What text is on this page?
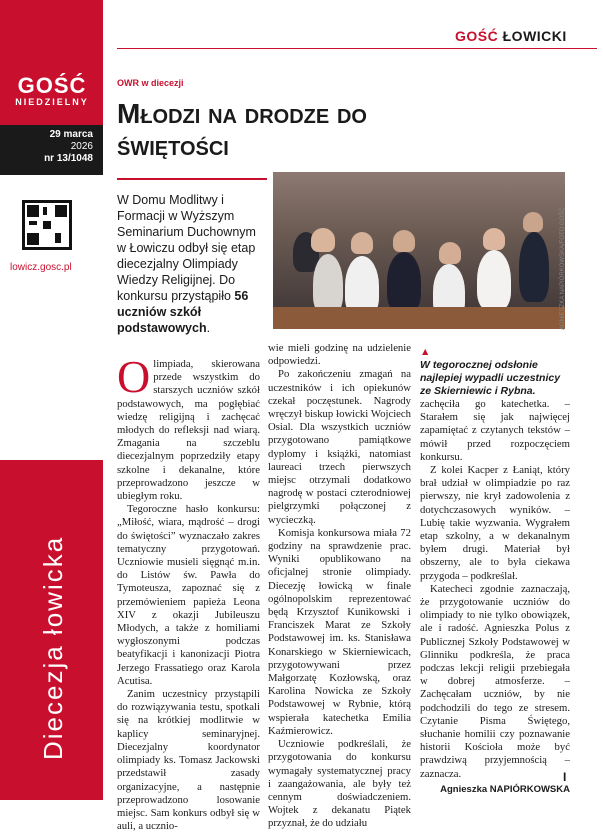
GOŚĆ
NIEDZIELNY
29 marca
2026
nr 13/1048
lowicz.gosc.pl
Diecezja łowicka
GOŚĆ ŁOWICKI
OWR w diecezji
Młodzi na drodze do świętości
W Domu Modlitwy i Formacji w Wyższym Seminarium Duchownym w Łowiczu odbył się etap diecezjalny Olimpiady Wiedzy Religijnej. Do konkursu przystąpiło 56 uczniów szkół podstawowych.	AGNIESZKA NAPIÓRKOWSKA/FOTO GOŚĆ
▲
W tegorocznej odsłonie najlepiej wypadli uczestnicy ze Skierniewic i Rybna.

Olimpiada, skierowana przede wszystkim do starszych uczniów szkół podstawowych, ma pogłębiać wiedzę religijną i zachęcać młodych do refleksji nad wiarą. Zmagania na szczeblu diecezjalnym poprzedziły etapy szkolne i dekanalne, które przeprowadzono jeszcze w ubiegłym roku.

Tegoroczne hasło konkursu: „Miłość, wiara, mądrość – drogi do świętości” wyznaczało zakres tematyczny przygotowań. Uczniowie musieli sięgnąć m.in. do Listów św. Pawła do Tymoteusza, zapoznać się z przemówieniem papieża Leona XIV z okazji Jubileuszu Młodych, a także z homiliami wygłoszonymi podczas beatyfikacji i kanonizacji Piotra Jerzego Frassatiego oraz Karola Acutisa.

Zanim uczestnicy przystąpili do rozwiązywania testu, spotkali się na krótkiej modlitwie w kaplicy seminaryjnej. Diecezjalny koordynator olimpiady ks. Tomasz Jackowski przedstawił zasady organizacyjne, a następnie przeprowadzono losowanie miejsc. Sam konkurs odbył się w auli, a ucznio-

wie mieli godzinę na udzielenie odpowiedzi.

Po zakończeniu zmagań na uczestników i ich opiekunów czekał poczęstunek. Nagrody wręczył biskup łowicki Wojciech Osial. Dla wszystkich uczniów przygotowano pamiątkowe dyplomy i książki, natomiast laureaci trzech pierwszych miejsc otrzymali dodatkowo nagrodę w postaci czterodniowej pielgrzymki połączonej z wycieczką.

Komisja konkursowa miała 72 godziny na sprawdzenie prac. Wyniki opublikowano na oficjalnej stronie olimpiady. Diecezję łowicką w finale ogólnopolskim reprezentować będą Krzysztof Kunikowski i Franciszek Marat ze Szkoły Podstawowej im. ks. Stanisława Konarskiego w Skierniewicach, przygotowywani przez Małgorzatę Kozłowską, oraz Karolina Nowicka ze Szkoły Podstawowej w Rybnie, którą wspierała katechetka Emilia Kaźmierowicz.

Uczniowie podkreślali, że przygotowania do konkursu wymagały systematycznej pracy i zaangażowania, ale były też cennym doświadczeniem. Wojtek z dekanatu Piątek przyznał, że do udziału

zachęciła go katechetka. – Starałem się jak najwięcej zapamiętać z czytanych tekstów – mówił przed rozpoczęciem konkursu.

Z kolei Kacper z Łaniąt, który brał udział w olimpiadzie po raz pierwszy, nie krył zadowolenia z dotychczasowych wyników. – Lubię takie wyzwania. Wygrałem etap szkolny, a w dekanalnym byłem drugi. Materiał był obszerny, ale to była ciekawa przygoda – podkreślał.

Katecheci zgodnie zaznaczają, że przygotowanie uczniów do olimpiady to nie tylko obowiązek, ale i radość. Agnieszka Polus z Publicznej Szkoły Podstawowej w Glinniku podkreśla, że praca podczas lekcji religii przebiegała w dobrej atmosferze. – Zachęcałam uczniów, by nie podchodzili do tego ze stresem. Czytanie Pisma Świętego, słuchanie homilii czy poznawanie historii Kościoła może być prawdziwą przyjemnością – zaznacza.

Agnieszka NAPIÓRKOWSKA
I
